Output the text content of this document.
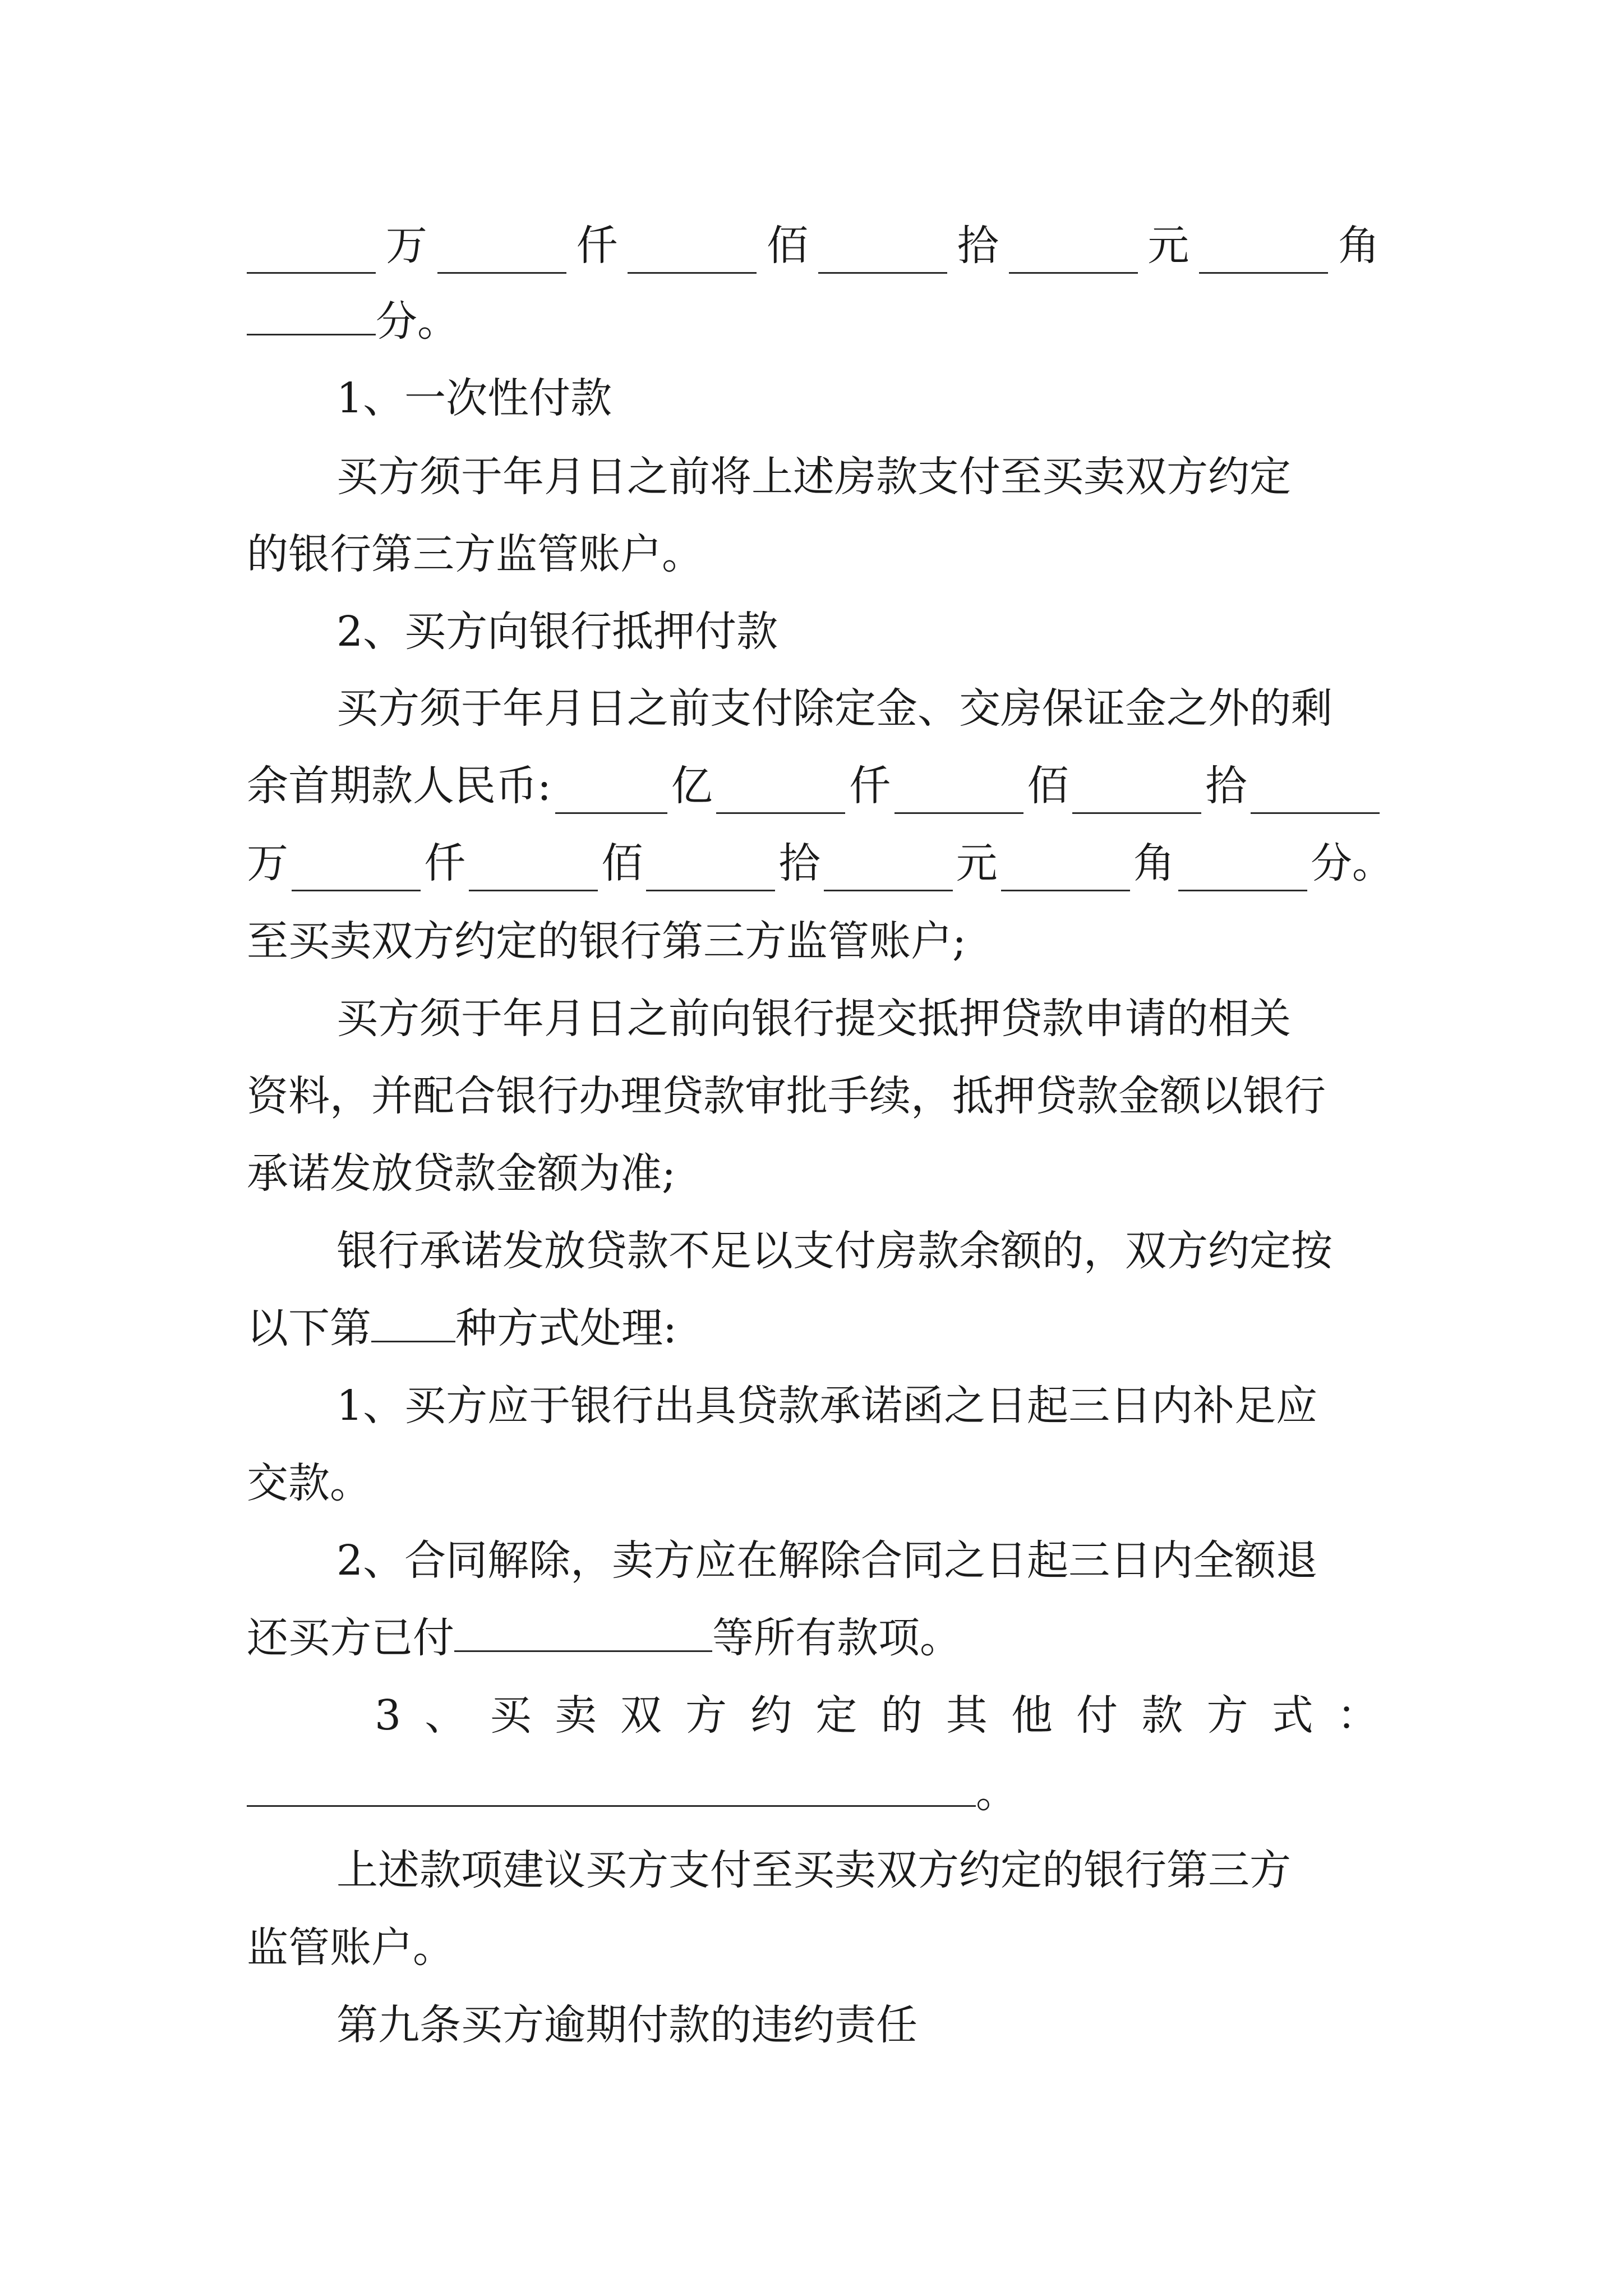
万	仟	佰	拾	元	角
分。
1、一次性付款
买方须于年月日之前将上述房款支付至买卖双方约定
的银行第三方监管账户。
2、买方向银行抵押付款
买方须于年月日之前支付除定金、交房保证金之外的剩
余首期款人民币:	亿	仟	佰	拾
万	仟	佰	拾	元	角	分。
至买卖双方约定的银行第三方监管账户;
买方须于年月日之前向银行提交抵押贷款申请的相关
资料，并配合银行办理贷款审批手续，抵押贷款金额以银行
承诺发放贷款金额为准;
银行承诺发放贷款不足以支付房款余额的，双方约定按
以下第 种方式处理:
1、买方应于银行出具贷款承诺函之日起三日内补足应
交款。
2、合同解除，卖方应在解除合同之日起三日内全额退
还买方已付	等所有款项。
3 、 买 卖 双 方 约 定 的 其 他 付 款 方 式 ：
。
上述款项建议买方支付至买卖双方约定的银行第三方
监管账户。
第九条买方逾期付款的违约责任
